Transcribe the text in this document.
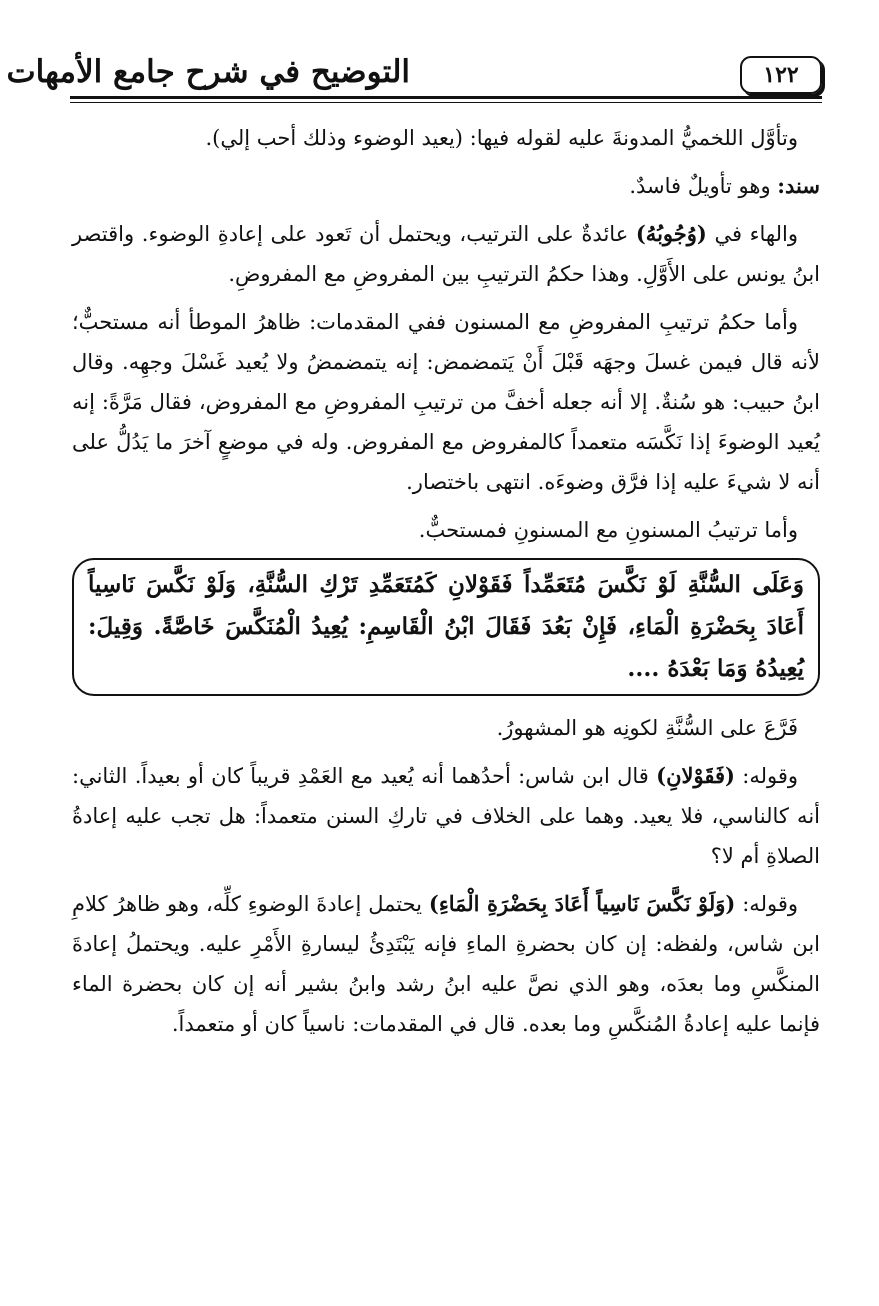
١٢٢
التوضيح في شرح جامع الأمهات

وتأوَّل اللخميُّ المدونةَ عليه لقوله فيها: (يعيد الوضوء وذلك أحب إلي).

سند: وهو تأويلٌ فاسدٌ.

والهاء في (وُجُوبُهُ) عائدةٌ على الترتيب، ويحتمل أن تَعود على إعادةِ الوضوء. واقتصر ابنُ يونس على الأَوَّلِ. وهذا حكمُ الترتيبِ بين المفروضِ مع المفروضِ.

وأما حكمُ ترتيبِ المفروضِ مع المسنون ففي المقدمات: ظاهرُ الموطأ أنه مستحبٌّ؛ لأنه قال فيمن غسلَ وجهَه قَبْلَ أَنْ يَتمضمض: إنه يتمضمضُ ولا يُعيد غَسْلَ وجهِه. وقال ابنُ حبيب: هو سُنةٌ. إلا أنه جعله أخفَّ من ترتيبِ المفروضِ مع المفروض، فقال مَرَّةً: إنه يُعيد الوضوءَ إذا نَكَّسَه متعمداً كالمفروض مع المفروض. وله في موضعٍ آخرَ ما يَدُلُّ على أنه لا شيءَ عليه إذا فرَّق وضوءَه. انتهى باختصار.

وأما ترتيبُ المسنونِ مع المسنونِ فمستحبٌّ.

وَعَلَى السُّنَّةِ لَوْ نَكَّسَ مُتَعَمِّداً فَقَوْلانِ كَمُتَعَمِّدِ تَرْكِ السُّنَّةِ، وَلَوْ نَكَّسَ نَاسِياً أَعَادَ بِحَضْرَةِ الْمَاءِ، فَإِنْ بَعُدَ فَقَالَ ابْنُ الْقَاسِمِ: يُعِيدُ الْمُنَكَّسَ خَاصَّةً. وَقِيلَ: يُعِيدُهُ وَمَا بَعْدَهُ ....

فَرَّعَ على السُّنَّةِ لكونِه هو المشهورُ.

وقوله: (فَقَوْلانِ) قال ابن شاس: أحدُهما أنه يُعيد مع العَمْدِ قريباً كان أو بعيداً. الثاني: أنه كالناسي، فلا يعيد. وهما على الخلاف في تاركِ السنن متعمداً: هل تجب عليه إعادةُ الصلاةِ أم لا؟

وقوله: (وَلَوْ نَكَّسَ نَاسِياً أَعَادَ بِحَضْرَةِ الْمَاءِ) يحتمل إعادةَ الوضوءِ كلِّه، وهو ظاهرُ كلامِ ابن شاس، ولفظه: إن كان بحضرةِ الماءِ فإنه يَبْتَدِئُ ليسارةِ الأَمْرِ عليه. ويحتملُ إعادةَ المنكَّسِ وما بعدَه، وهو الذي نصَّ عليه ابنُ رشد وابنُ بشير أنه إن كان بحضرة الماء فإنما عليه إعادةُ المُنكَّسِ وما بعده. قال في المقدمات: ناسياً كان أو متعمداً.
